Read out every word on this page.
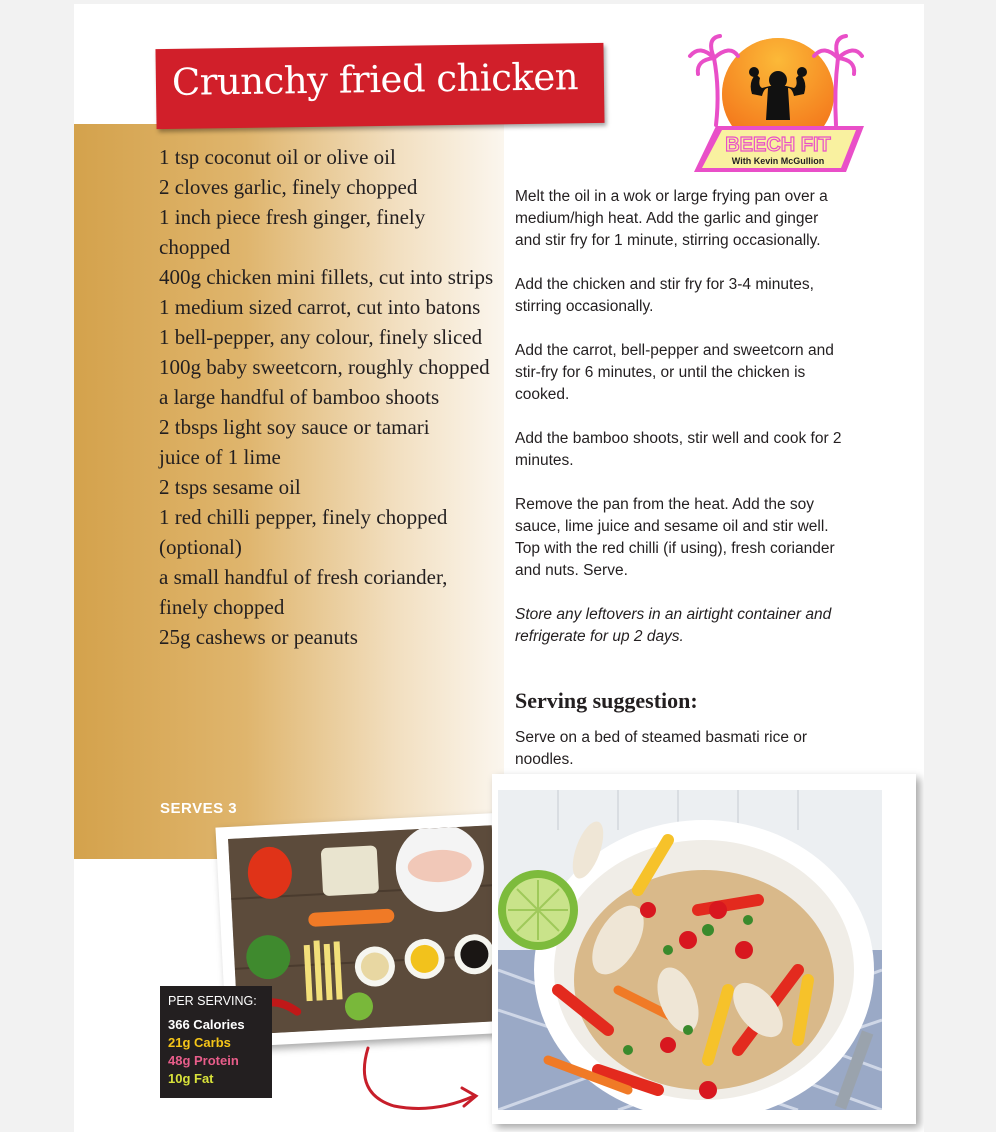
Crunchy fried chicken
1 tsp coconut oil or olive oil
2 cloves garlic, finely chopped
1 inch piece fresh ginger, finely chopped
400g chicken mini fillets, cut into strips
1 medium sized carrot, cut into batons
1 bell-pepper, any colour, finely sliced
100g baby sweetcorn, roughly chopped
a large handful of bamboo shoots
2 tbsps light soy sauce or tamari
juice of 1 lime
2 tsps sesame oil
1 red chilli pepper, finely chopped (optional)
a small handful of fresh coriander, finely chopped
25g cashews or peanuts
SERVES 3
BEECH FIT
With Kevin McGullion

Melt the oil in a wok or large frying pan over a medium/high heat. Add the garlic and ginger and stir fry for 1 minute, stirring occasionally.

Add the chicken and stir fry for 3-4 minutes, stirring occasionally.

Add the carrot, bell-pepper and sweetcorn and stir-fry for 6 minutes, or until the chicken is cooked.

Add the bamboo shoots, stir well and cook for 2 minutes.

Remove the pan from the heat. Add the soy sauce, lime juice and sesame oil and stir well. Top with the red chilli (if using), fresh coriander and nuts. Serve.

Store any leftovers in an airtight container and refrigerate for up 2 days.

Serving suggestion:

Serve on a bed of steamed basmati rice or noodles.

PER SERVING:
366 Calories
21g Carbs
48g Protein
10g Fat
